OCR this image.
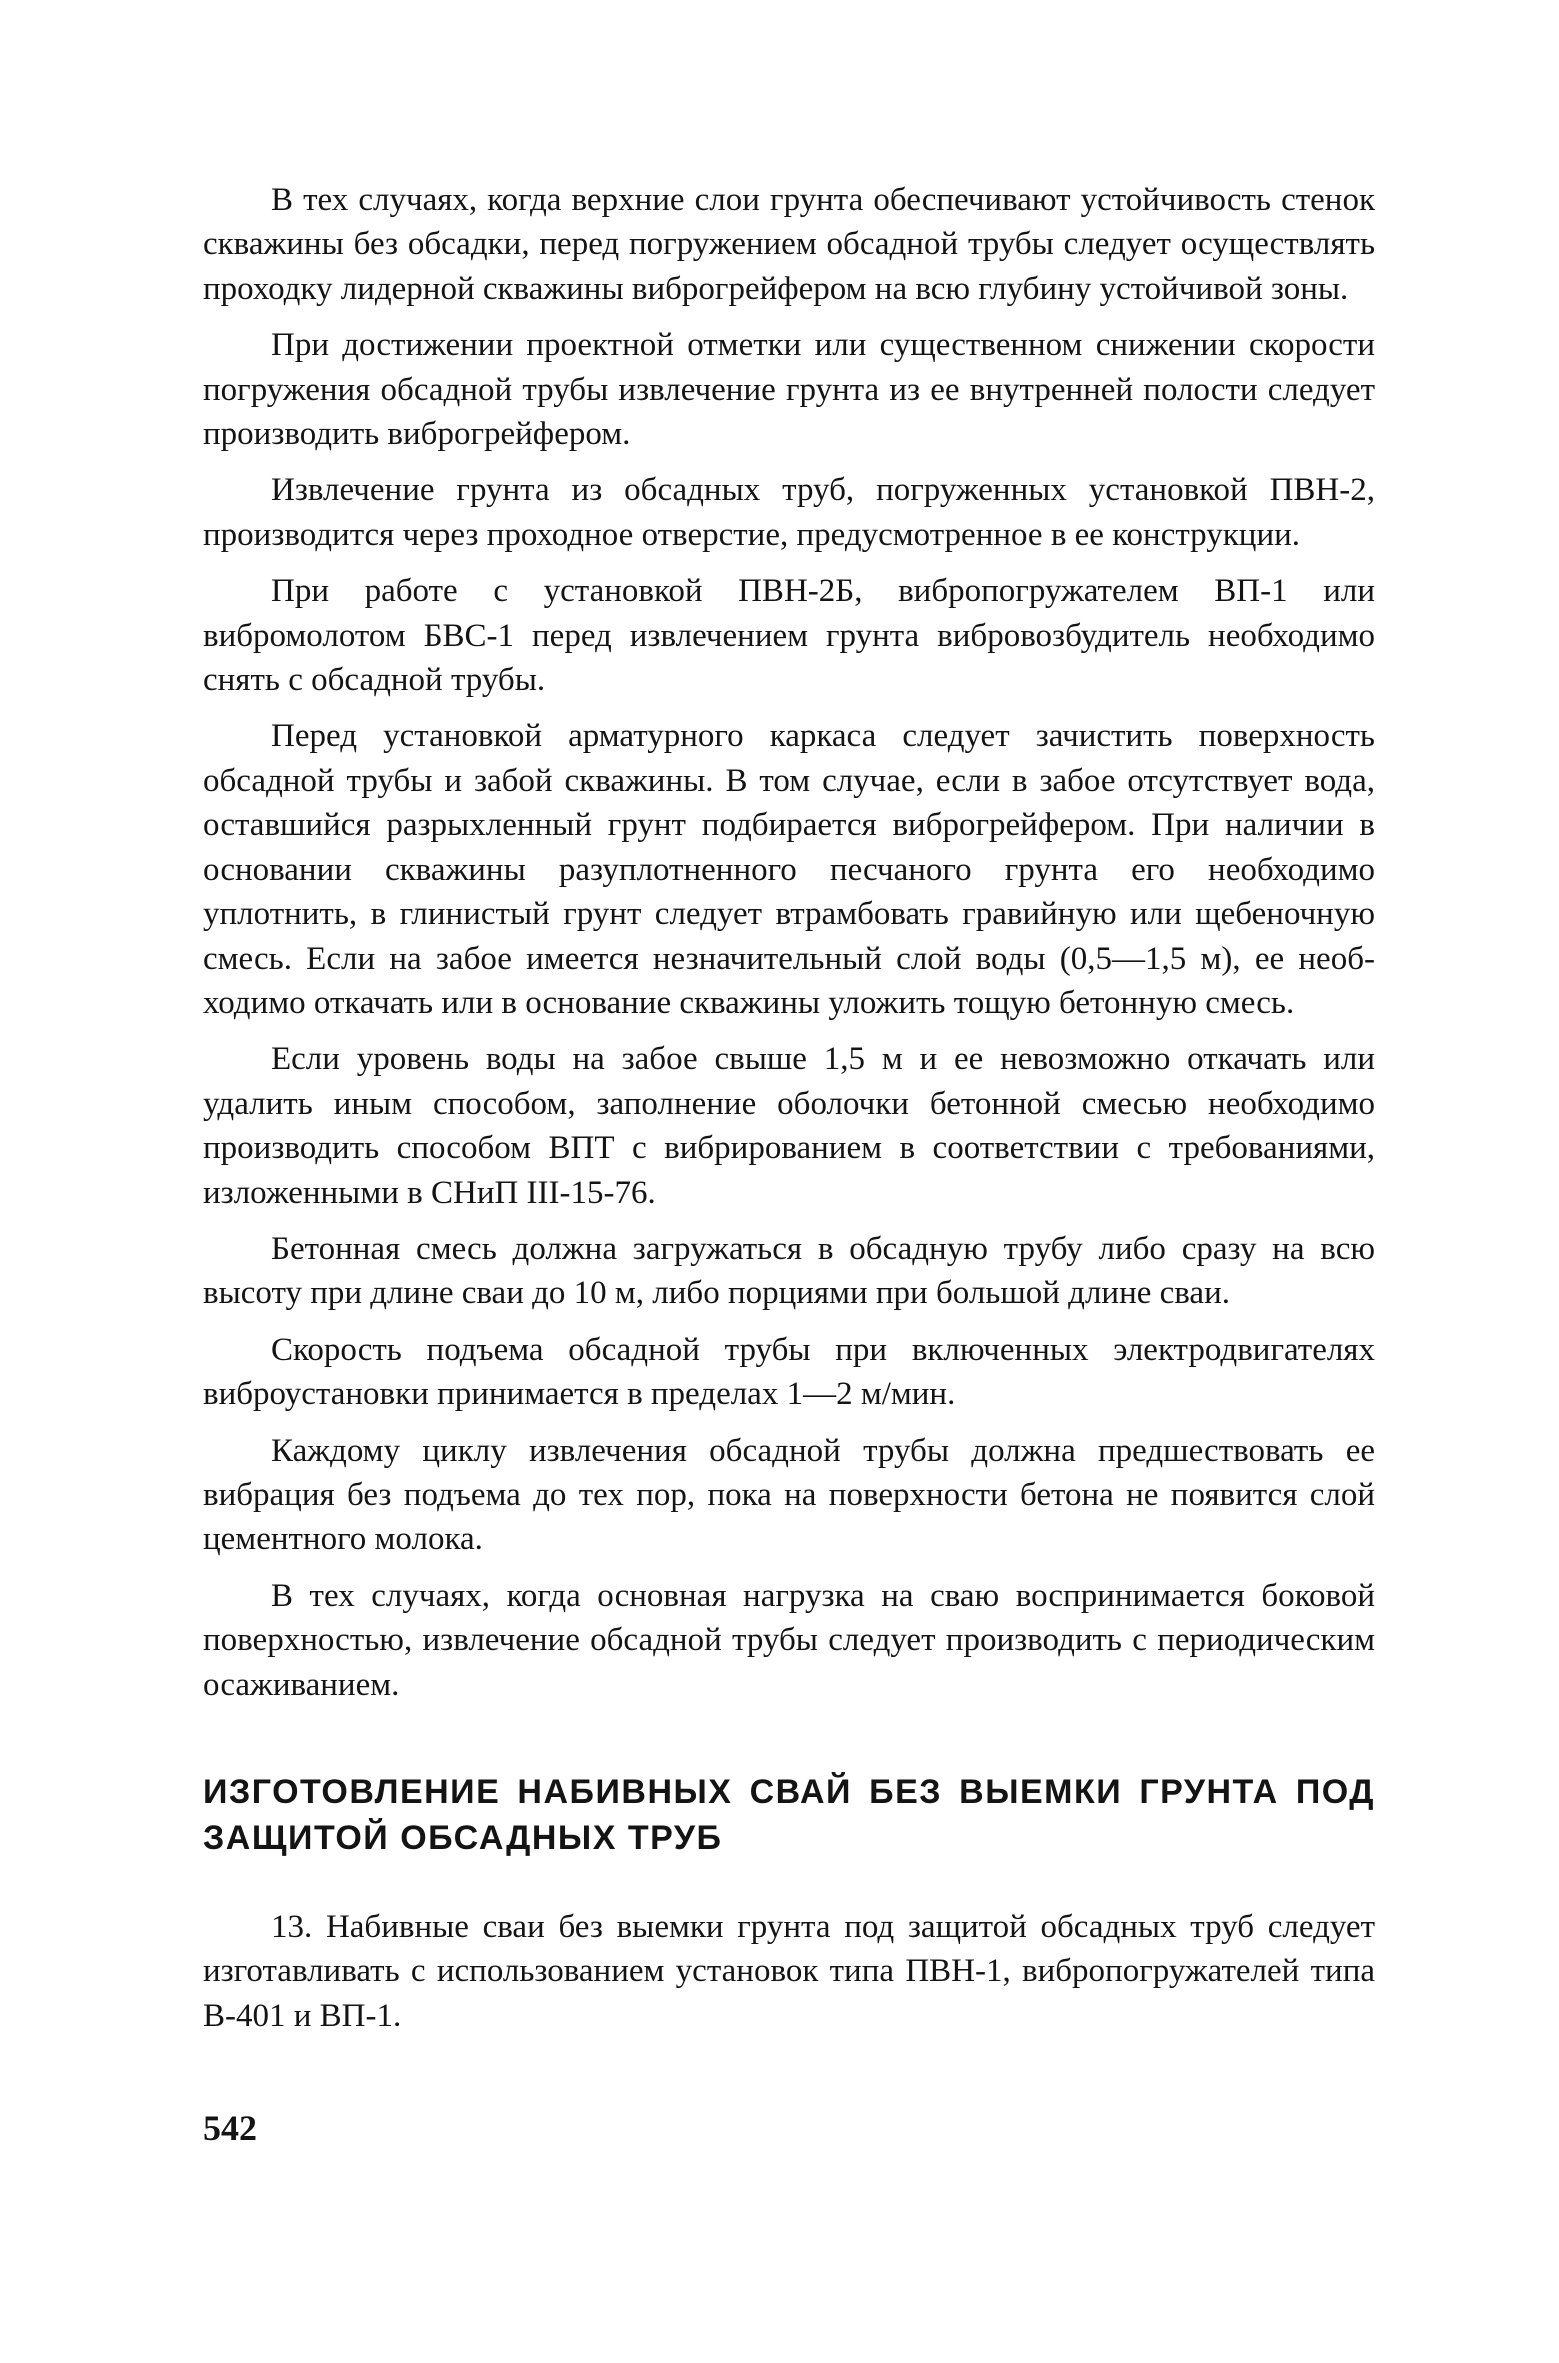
В тех случаях, когда верхние слои грунта обеспечивают устойчивость стенок скважины без обсадки, перед погружением обсадной трубы следует осуществлять проходку лидерной скважины виброгрейфером на всю глубину устойчивой зоны.

При достижении проектной отметки или существенном снижении скорости погружения обсадной трубы извлечение грунта из ее внутренней полости следует производить виброгрейфером.

Извлечение грунта из обсадных труб, погруженных установкой ПВН-2, производится через проходное отверстие, предусмотренное в ее конструкции.

При работе с установкой ПВН-2Б, вибропогружателем ВП-1 или вибромолотом БВС-1 перед извлечением грунта вибровозбудитель необходимо снять с обсадной трубы.

Перед установкой арматурного каркаса следует зачистить поверхность обсадной трубы и забой скважины. В том случае, если в забое отсутствует вода, оставшийся разрыхленный грунт подбирается виброгрейфером. При наличии в основании скважины разуплотненного песчаного грунта его необходимо уплотнить, в глинистый грунт следует втрамбовать гравийную или щебеночную смесь. Если на забое имеется незначительный слой воды (0,5—1,5 м), ее необходимо откачать или в основание скважины уложить тощую бетонную смесь.

Если уровень воды на забое свыше 1,5 м и ее невозможно откачать или удалить иным способом, заполнение оболочки бетонной смесью необходимо производить способом ВПТ с вибрированием в соответствии с требованиями, изложенными в СНиП III-15-76.

Бетонная смесь должна загружаться в обсадную трубу либо сразу на всю высоту при длине сваи до 10 м, либо порциями при большой длине сваи.

Скорость подъема обсадной трубы при включенных электродвигателях виброустановки принимается в пределах 1—2 м/мин.

Каждому циклу извлечения обсадной трубы должна предшествовать ее вибрация без подъема до тех пор, пока на поверхности бетона не появится слой цементного молока.

В тех случаях, когда основная нагрузка на сваю воспринимается боковой поверхностью, извлечение обсадной трубы следует производить с периодическим осаживанием.

ИЗГОТОВЛЕНИЕ НАБИВНЫХ СВАЙ БЕЗ ВЫЕМКИ ГРУНТА ПОД ЗАЩИТОЙ ОБСАДНЫХ ТРУБ

13. Набивные сваи без выемки грунта под защитой обсадных труб следует изготавливать с использованием установок типа ПВН-1, вибропогружателей типа В-401 и ВП-1.

542
